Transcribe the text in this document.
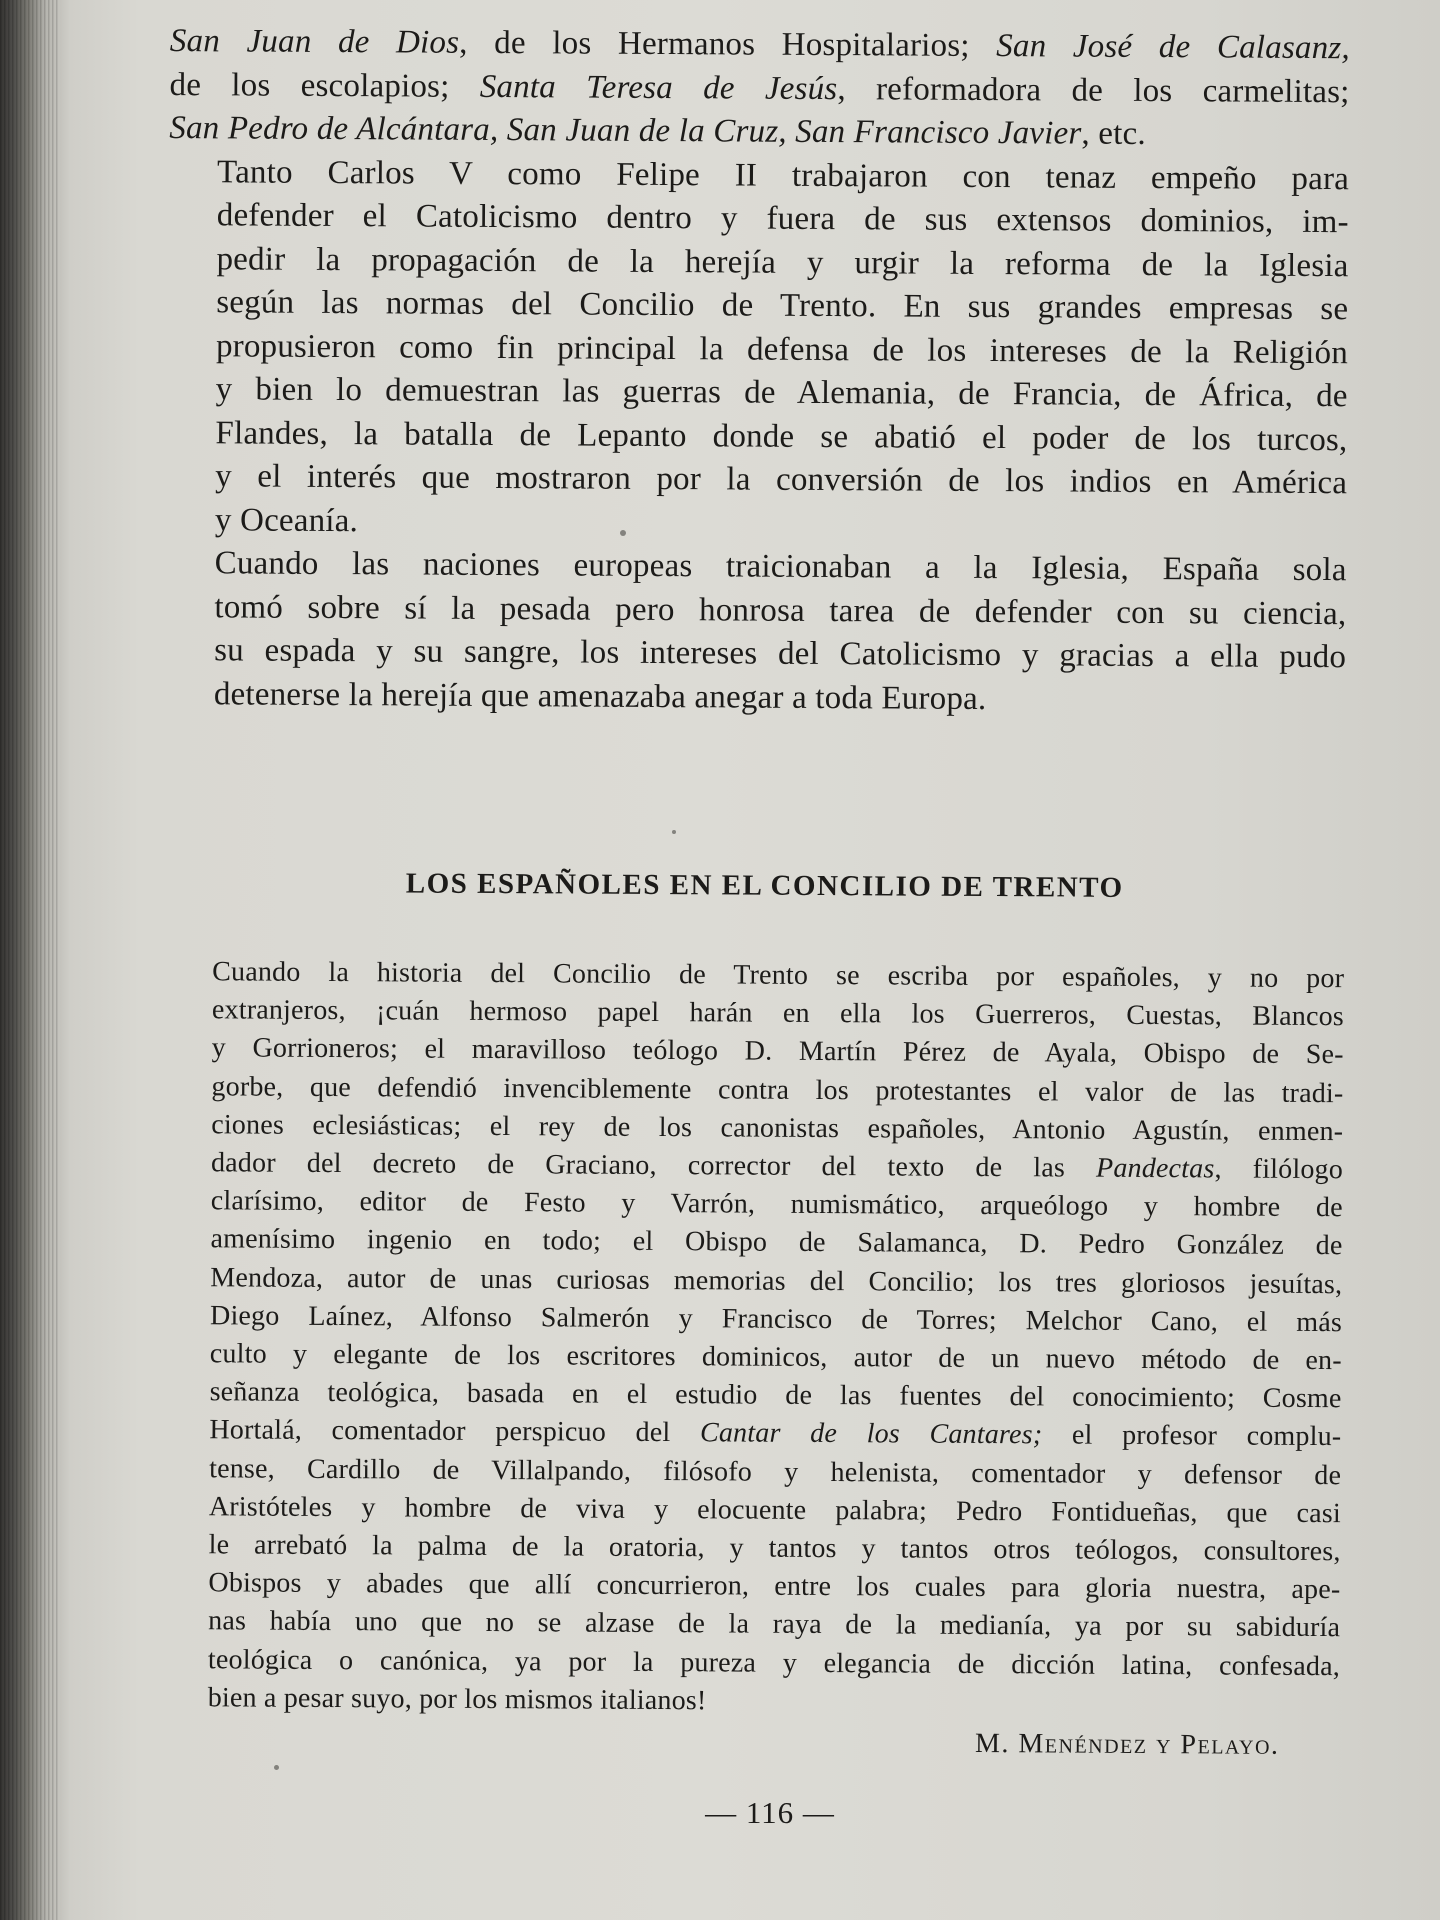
San Juan de Dios, de los Hermanos Hospitalarios; San José de Calasanz,
de los escolapios; Santa Teresa de Jesús, reformadora de los carmelitas;
San Pedro de Alcántara, San Juan de la Cruz, San Francisco Javier, etc.
Tanto Carlos V como Felipe II trabajaron con tenaz empeño para
defender el Catolicismo dentro y fuera de sus extensos dominios, im-
pedir la propagación de la herejía y urgir la reforma de la Iglesia
según las normas del Concilio de Trento. En sus grandes empresas se
propusieron como fin principal la defensa de los intereses de la Religión
y bien lo demuestran las guerras de Alemania, de Francia, de África, de
Flandes, la batalla de Lepanto donde se abatió el poder de los turcos,
y el interés que mostraron por la conversión de los indios en América
y Oceanía.
Cuando las naciones europeas traicionaban a la Iglesia, España sola
tomó sobre sí la pesada pero honrosa tarea de defender con su ciencia,
su espada y su sangre, los intereses del Catolicismo y gracias a ella pudo
detenerse la herejía que amenazaba anegar a toda Europa.
LOS ESPAÑOLES EN EL CONCILIO DE TRENTO
Cuando la historia del Concilio de Trento se escriba por españoles, y no por
extranjeros, ¡cuán hermoso papel harán en ella los Guerreros, Cuestas, Blancos
y Gorrioneros; el maravilloso teólogo D. Martín Pérez de Ayala, Obispo de Se-
gorbe, que defendió invenciblemente contra los protestantes el valor de las tradi-
ciones eclesiásticas; el rey de los canonistas españoles, Antonio Agustín, enmen-
dador del decreto de Graciano, corrector del texto de las Pandectas, filólogo
clarísimo, editor de Festo y Varrón, numismático, arqueólogo y hombre de
amenísimo ingenio en todo; el Obispo de Salamanca, D. Pedro González de
Mendoza, autor de unas curiosas memorias del Concilio; los tres gloriosos jesuítas,
Diego Laínez, Alfonso Salmerón y Francisco de Torres; Melchor Cano, el más
culto y elegante de los escritores dominicos, autor de un nuevo método de en-
señanza teológica, basada en el estudio de las fuentes del conocimiento; Cosme
Hortalá, comentador perspicuo del Cantar de los Cantares; el profesor complu-
tense, Cardillo de Villalpando, filósofo y helenista, comentador y defensor de
Aristóteles y hombre de viva y elocuente palabra; Pedro Fontidueñas, que casi
le arrebató la palma de la oratoria, y tantos y tantos otros teólogos, consultores,
Obispos y abades que allí concurrieron, entre los cuales para gloria nuestra, ape-
nas había uno que no se alzase de la raya de la medianía, ya por su sabiduría
teológica o canónica, ya por la pureza y elegancia de dicción latina, confesada,
bien a pesar suyo, por los mismos italianos!
M. Menéndez y Pelayo.
— 116 —
